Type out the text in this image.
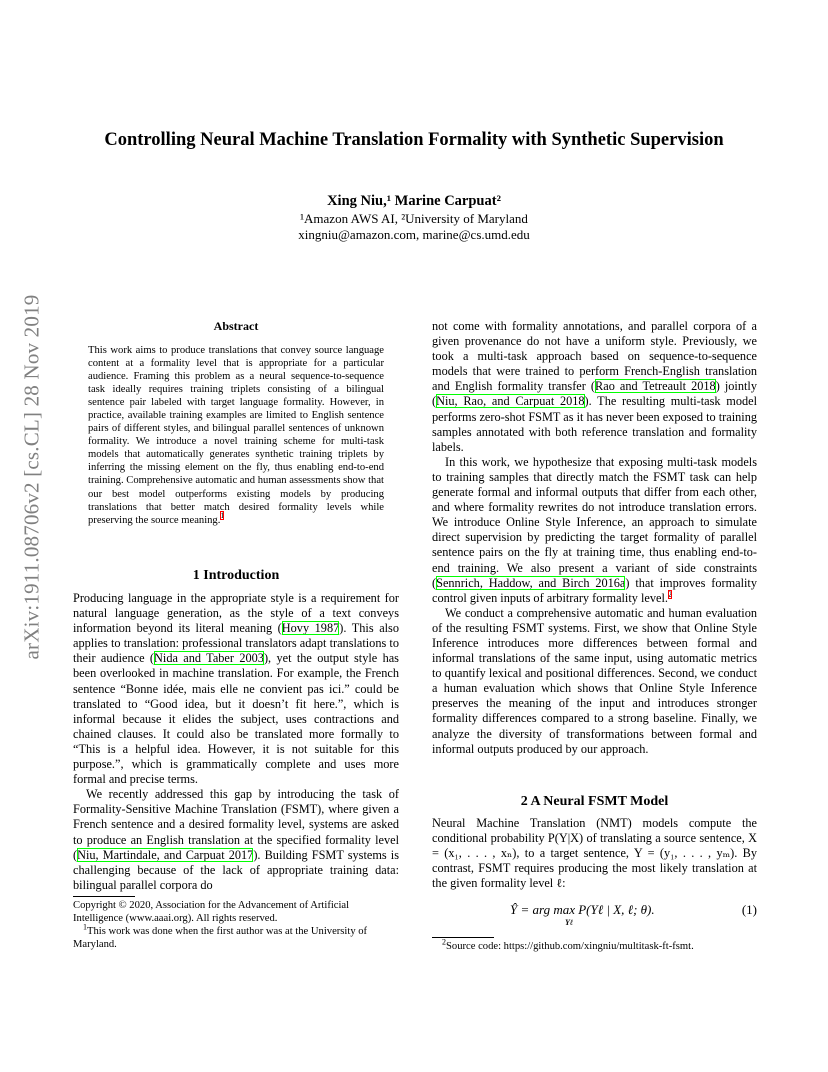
Controlling Neural Machine Translation Formality with Synthetic Supervision
Xing Niu,¹ Marine Carpuat²
¹Amazon AWS AI, ²University of Maryland
xingniu@amazon.com, marine@cs.umd.edu
arXiv:1911.08706v2 [cs.CL] 28 Nov 2019	Abstract

This work aims to produce translations that convey source language content at a formality level that is appropriate for a particular audience. Framing this problem as a neural sequence-to-sequence task ideally requires training triplets consisting of a bilingual sentence pair labeled with target language formality. However, in practice, available training examples are limited to English sentence pairs of different styles, and bilingual parallel sentences of unknown formality. We introduce a novel training scheme for multi-task models that automatically generates synthetic training triplets by inferring the missing element on the fly, thus enabling end-to-end training. Comprehensive automatic and human assessments show that our best model outperforms existing models by producing translations that better match desired formality levels while preserving the source meaning.$^1$

1 Introduction

Producing language in the appropriate style is a requirement for natural language generation, as the style of a text conveys information beyond its literal meaning (Hovy 1987). This also applies to translation: professional translators adapt translations to their audience (Nida and Taber 2003), yet the output style has been overlooked in machine translation. For example, the French sentence “Bonne idée, mais elle ne convient pas ici.” could be translated to “Good idea, but it doesn’t fit here.”, which is informal because it elides the subject, uses contractions and chained clauses. It could also be translated more formally to “This is a helpful idea. However, it is not suitable for this purpose.”, which is grammatically complete and uses more formal and precise terms.

We recently addressed this gap by introducing the task of Formality-Sensitive Machine Translation (FSMT), where given a French sentence and a desired formality level, systems are asked to produce an English translation at the specified formality level (Niu, Martindale, and Carpuat 2017). Building FSMT systems is challenging because of the lack of appropriate training data: bilingual parallel corpora do

Copyright © 2020, Association for the Advancement of Artificial Intelligence (www.aaai.org). All rights reserved.

$^1$This work was done when the first author was at the University of Maryland.

not come with formality annotations, and parallel corpora of a given provenance do not have a uniform style. Previously, we took a multi-task approach based on sequence-to-sequence models that were trained to perform French-English translation and English formality transfer (Rao and Tetreault 2018) jointly (Niu, Rao, and Carpuat 2018). The resulting multi-task model performs zero-shot FSMT as it has never been exposed to training samples annotated with both reference translation and formality labels.

In this work, we hypothesize that exposing multi-task models to training samples that directly match the FSMT task can help generate formal and informal outputs that differ from each other, and where formality rewrites do not introduce translation errors. We introduce Online Style Inference, an approach to simulate direct supervision by predicting the target formality of parallel sentence pairs on the fly at training time, thus enabling end-to-end training. We also present a variant of side constraints (Sennrich, Haddow, and Birch 2016a) that improves formality control given inputs of arbitrary formality level.$^2$

We conduct a comprehensive automatic and human evaluation of the resulting FSMT systems. First, we show that Online Style Inference introduces more differences between formal and informal translations of the same input, using automatic metrics to quantify lexical and positional differences. Second, we conduct a human evaluation which shows that Online Style Inference preserves the meaning of the input and introduces stronger formality differences compared to a strong baseline. Finally, we analyze the diversity of transformations between formal and informal outputs produced by our approach.

2 A Neural FSMT Model

Neural Machine Translation (NMT) models compute the conditional probability P(Y|X) of translating a source sentence, X = (x₁, . . . , xₙ), to a target sentence, Y = (y₁, . . . , yₘ). By contrast, FSMT requires producing the most likely translation at the given formality level ℓ:

Ŷ = arg max P(Yℓ | X, ℓ; θ).
Yℓ
(1)
$^2$Source code: https://github.com/xingniu/multitask-ft-fsmt.
